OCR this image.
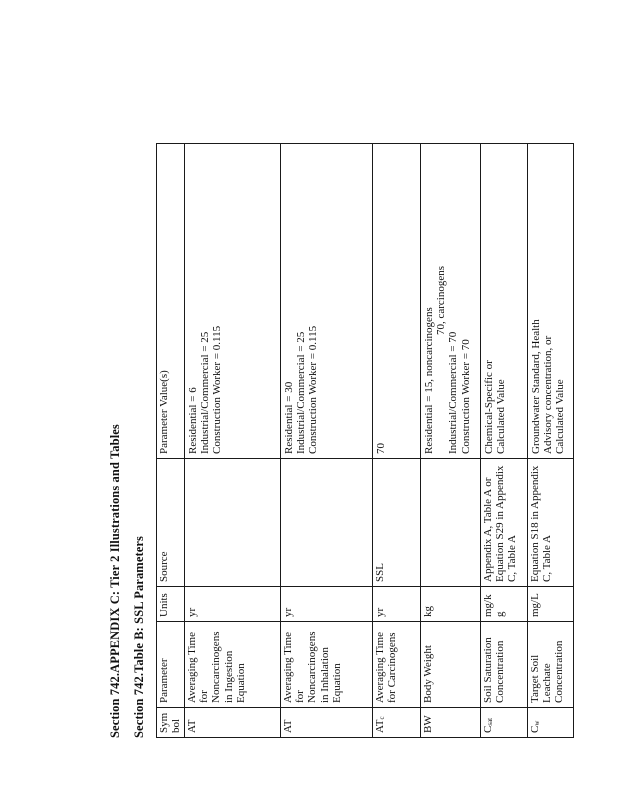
Section 742.APPENDIX C: Tier 2 Illustrations and Tables Section 742.Table B: SSL Parameters Symbol	Parameter	Units	Source	Parameter Value(s)
AT	Averaging Time for Noncarcinogens in Ingestion Equation	yr		Residential = 6 Industrial/Commercial = 25 Construction Worker = 0.115

AT	Averaging Time for Noncarcinogens in Inhalation Equation	yr		Residential = 30 Industrial/Commercial = 25 Construction Worker = 0.115

ATc	Averaging Time for Carcinogens	yr	SSL	70

BW	Body Weight	kg		Residential = 15, noncarcinogens
70, carcinogens
Industrial/Commercial = 70 Construction Worker = 70

Csat	Soil Saturation Concentration	mg/kg	Appendix A, Table A or Equation S29 in Appendix C, Table A	Chemical-Specific or Calculated Value

Cw	Target Soil Leachate Concentration	mg/L	Equation S18 in Appendix C, Table A	Groundwater Standard, Health Advisory concentration, or Calculated Value
